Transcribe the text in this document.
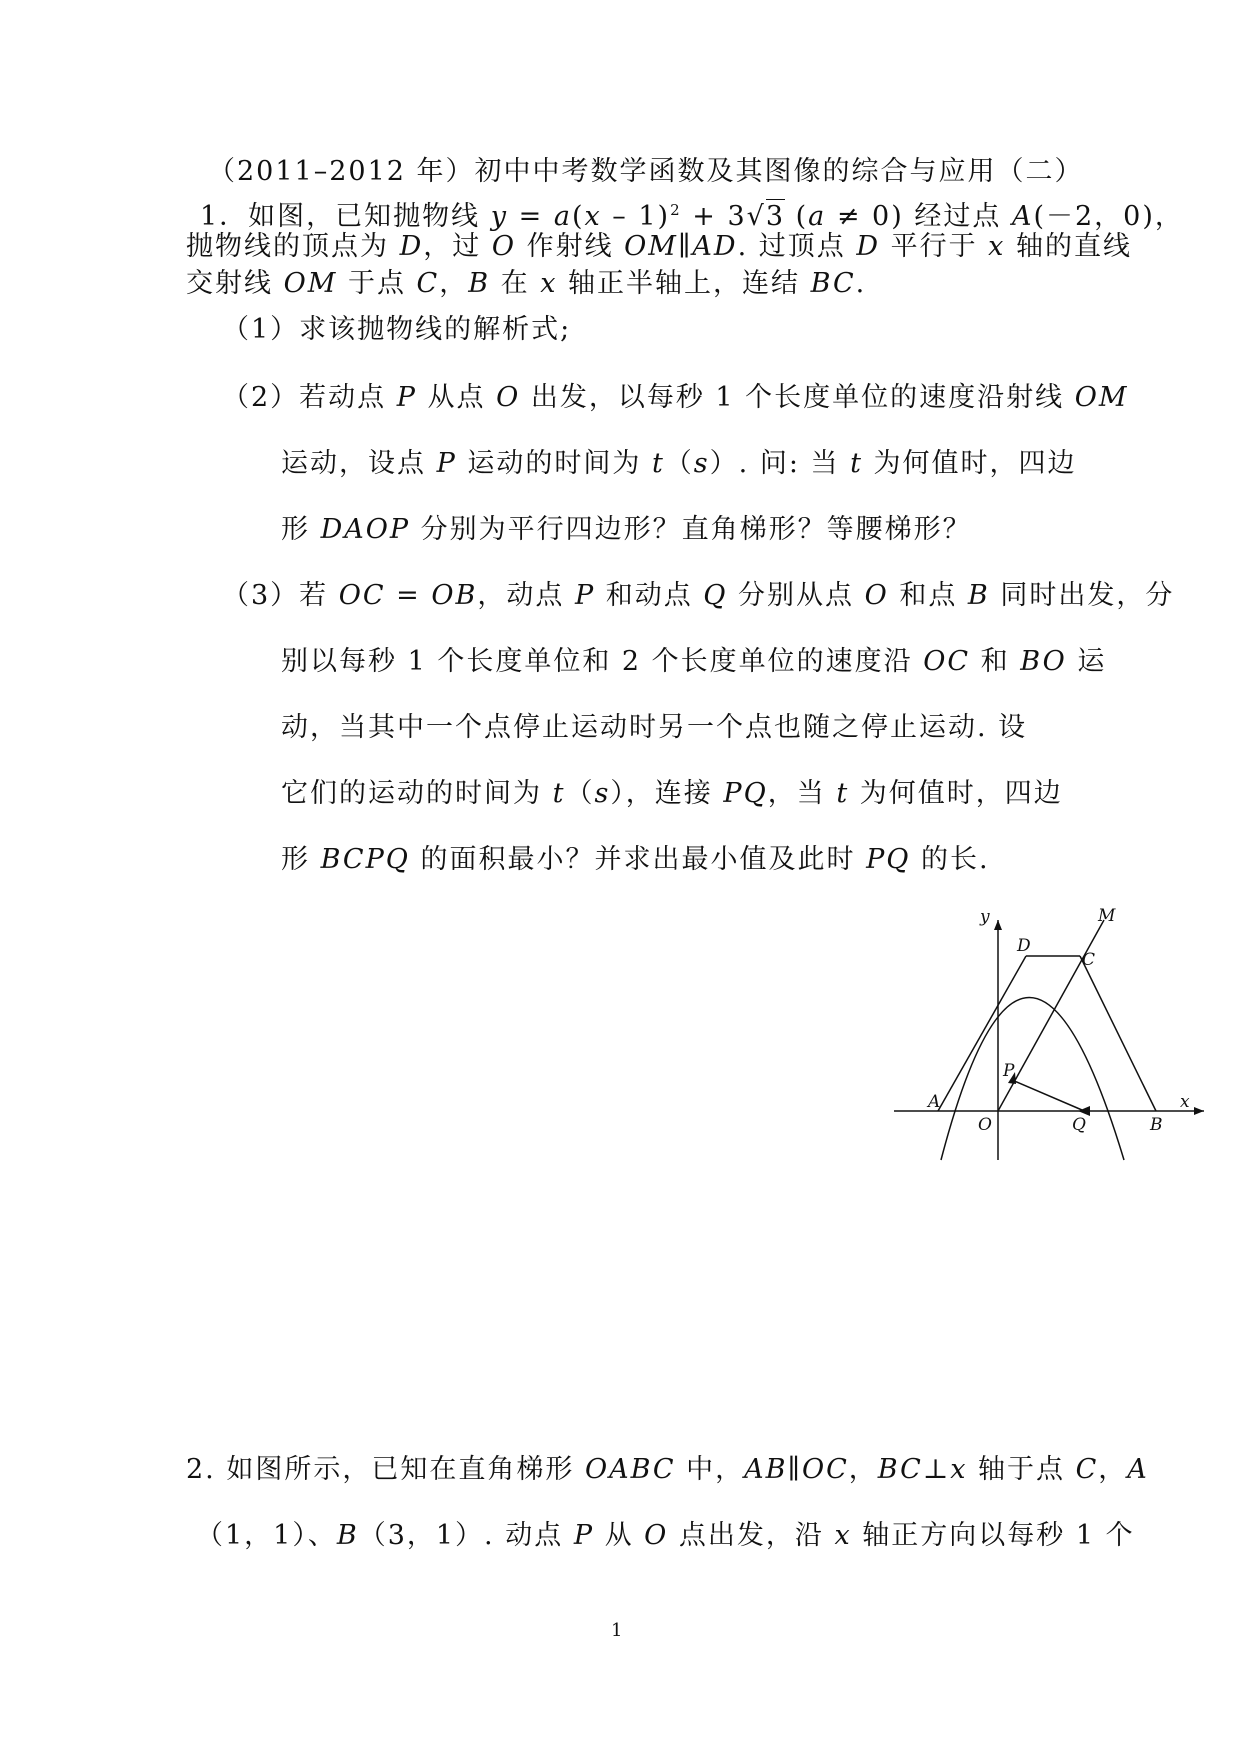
（2011–2012 年）初中中考数学函数及其图像的综合与应用（二）
1．如图，已知抛物线 y = a(x – 1)$^2$ + 3√3 (a ≠ 0) 经过点 A(－2，0)，
抛物线的顶点为 D，过 O 作射线 OM∥AD. 过顶点 D 平行于 x 轴的直线
交射线 OM 于点 C，B 在 x 轴正半轴上，连结 BC.
（1）求该抛物线的解析式;
（2）若动点 P 从点 O 出发，以每秒 1 个长度单位的速度沿射线 OM
运动，设点 P 运动的时间为 t（s）. 问: 当 t 为何值时，四边
形 DAOP 分别为平行四边形？直角梯形？等腰梯形？
（3）若 OC = OB，动点 P 和动点 Q 分别从点 O 和点 B 同时出发，分
别以每秒 1 个长度单位和 2 个长度单位的速度沿 OC 和 BO 运
动，当其中一个点停止运动时另一个点也随之停止运动. 设
它们的运动的时间为 t（s），连接 PQ，当 t 为何值时，四边
形 BCPQ 的面积最小？并求出最小值及此时 PQ 的长.
y	M
D
C
P
A	x
O	Q	B
2. 如图所示，已知在直角梯形 OABC 中，AB∥OC，BC⊥x 轴于点 C，A
（1，1）、B（3，1）. 动点 P 从 O 点出发，沿 x 轴正方向以每秒 1 个
1
